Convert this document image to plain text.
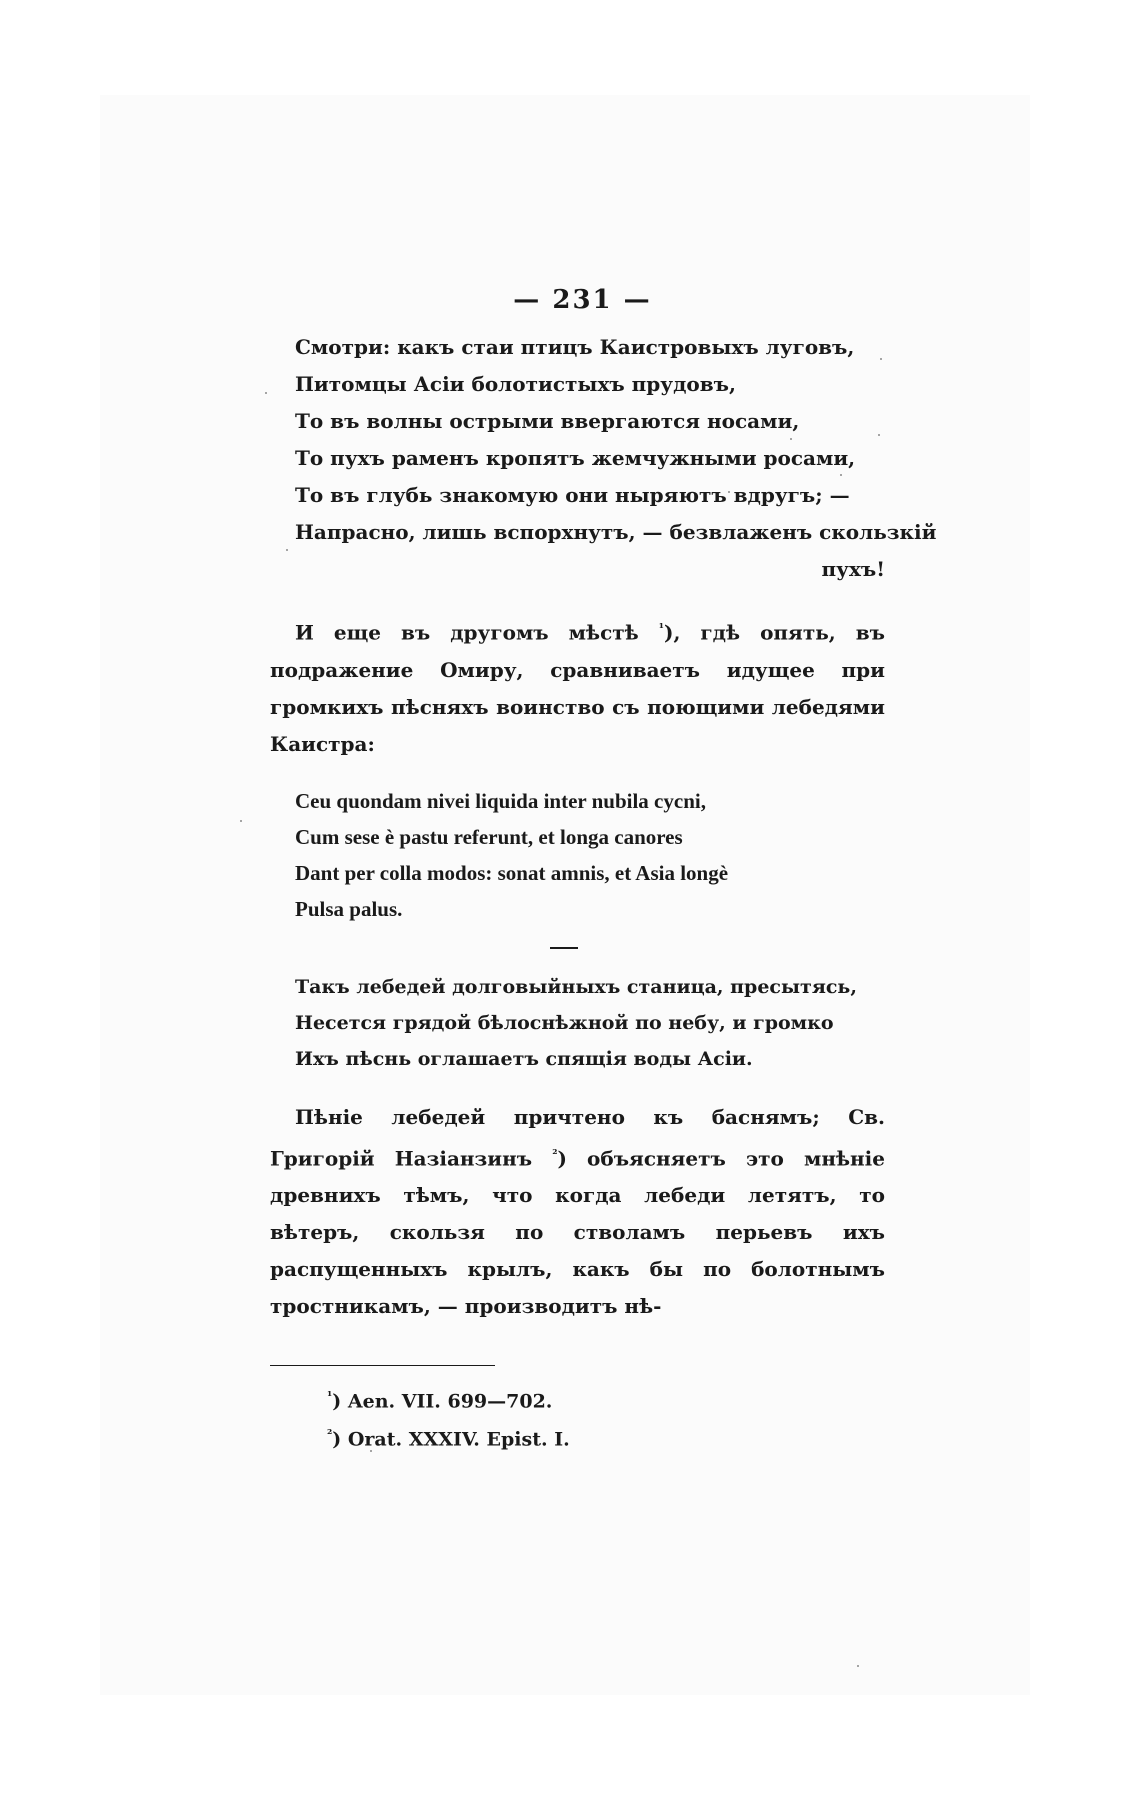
— 231 —
Смотри: какъ стаи птицъ Каистровыхъ луговъ,
Питомцы Асіи болотистыхъ прудовъ,
То въ волны острыми ввергаются носами,
То пухъ раменъ кропятъ жемчужными росами,
То въ глубь знакомую они ныряютъ вдругъ; —
Напрасно, лишь вспорхнутъ, — безвлаженъ скользкій
пухъ!

И еще въ другомъ мѣстѣ $^{^1}$), гдѣ опять, въ подражение Омиру, сравниваетъ идущее при громкихъ пѣсняхъ воинство съ поющими лебедями Каистра:

Ceu quondam nivei liquida inter nubila cycni,
Cum sese è pastu referunt, et longa canores
Dant per colla modos: sonat amnis, et Asia longè
Pulsa palus.
Такъ лебедей долговыйныхъ станица, пресытясь,
Несется грядой бѣлоснѣжной по небу, и громко
Ихъ пѣснь оглашаетъ спящія воды Асіи.

Пѣніе лебедей причтено къ баснямъ; Св. Григорій Назіанзинъ $^{^2}$) объясняетъ это мнѣніе древнихъ тѣмъ, что когда лебеди летятъ, то вѣтеръ, скользя по стволамъ перьевъ ихъ распущенныхъ крылъ, какъ бы по болотнымъ тростникамъ, — производитъ нѣ-

$^{^1}$) Aen. VII. 699—702.
$^{^2}$) Orat. XXXIV. Epist. I.
